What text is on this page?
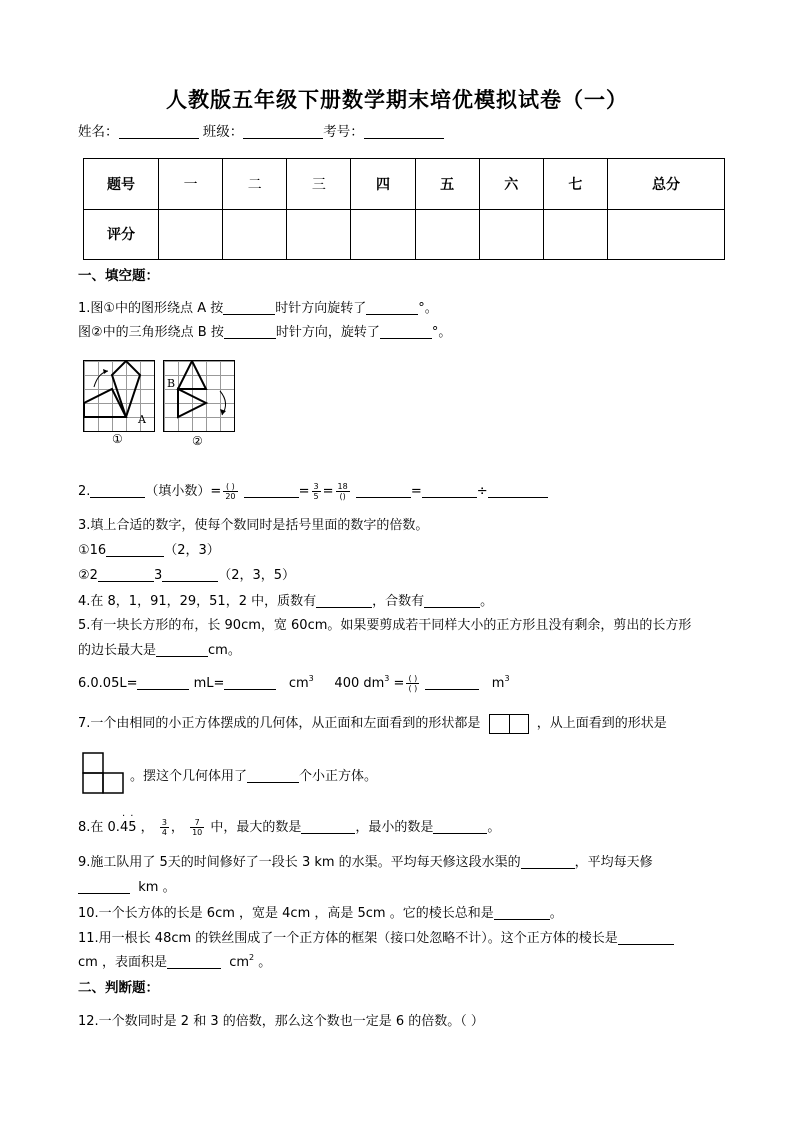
人教版五年级下册数学期末培优模拟试卷（一）
姓名：	班级：	考号：
题号	一	二	三	四	五	六	七	总分
评分								
一、填空题：
1.图①中的图形绕点 A 按	时针方向旋转了	°。
图②中的三角形绕点 B 按	时针方向，旋转了	°。
A
①
B
②
2.	（填小数）= $\frac{( )}{20}$	= $\frac{3}{5} = \frac{18}{()}$	=	÷
3.填上合适的数字，使每个数同时是括号里面的数字的倍数。
①16	（2，3）
②2	3	（2，3，5）
4.在 8，1，91，29，51，2 中，质数有	，合数有	。
5.有一块长方形的布，长 90cm，宽 60cm。如果要剪成若干同样大小的正方形且没有剩余，剪出的长方形
的边长最大是	cm。
6.0.05L=	mL=	$cm^3$ 400 $dm^3 = \frac{( )}{( )}$	$m^3$
7.一个由相同的小正方体摆成的几何体，从正面和左面看到的形状都是	，从上面看到的形状是
。摆这个几何体用了	个小正方体。
8.在 0.4
·
5
·
， $\frac{3}{4}$ ， $\frac{7}{10}$ 中，最大的数是	，最小的数是	。
9.施工队用了 5天的时间修好了一段长 3 km 的水渠。平均每天修这段水渠的	，平均每天修
km 。
10.一个长方体的长是 6cm ，宽是 4cm ，高是 5cm 。它的棱长总和是	。
11.用一根长 48cm 的铁丝围成了一个正方体的框架（接口处忽略不计）。这个正方体的棱长是
cm ，表面积是	$cm^2$ 。
二、判断题：
12.一个数同时是 2 和 3 的倍数，那么这个数也一定是 6 的倍数。（ ）
